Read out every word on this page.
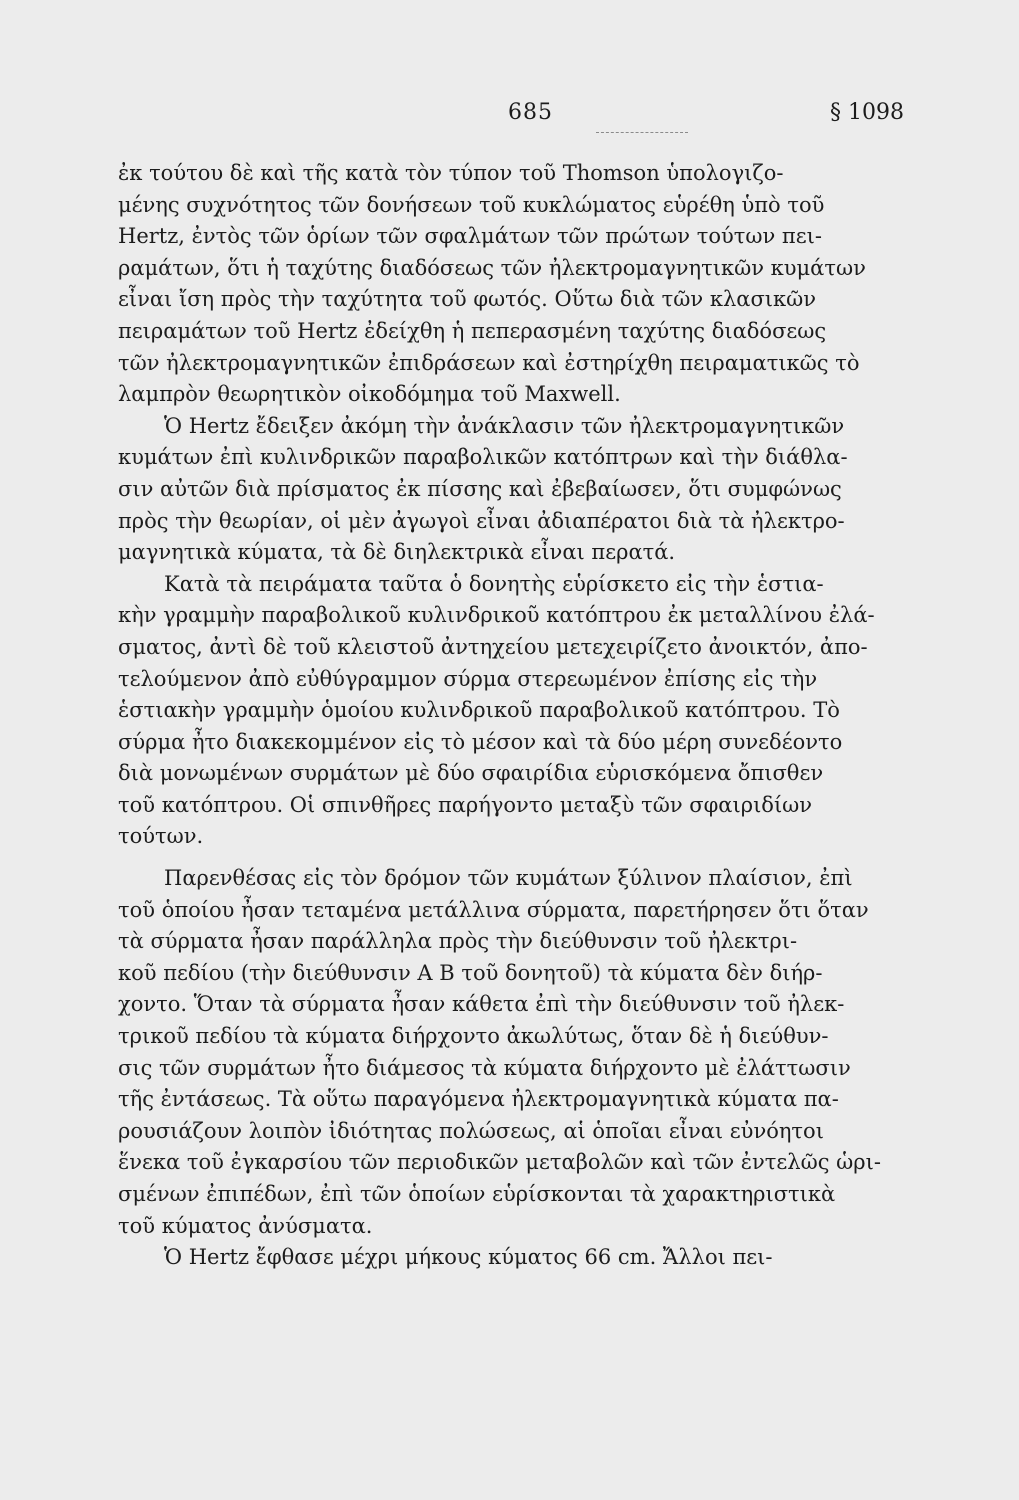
685	§ 1098

ἐκ τούτου δὲ καὶ τῆς κατὰ τὸν τύπον τοῦ Thomson ὑπολογιζο-
μένης συχνότητος τῶν δονήσεων τοῦ κυκλώματος εὑρέθη ὑπὸ τοῦ
Hertz, ἐντὸς τῶν ὁρίων τῶν σφαλμάτων τῶν πρώτων τούτων πει-
ραμάτων, ὅτι ἡ ταχύτης διαδόσεως τῶν ἠλεκτρομαγνητικῶν κυμάτων
εἶναι ἴση πρὸς τὴν ταχύτητα τοῦ φωτός. Οὕτω διὰ τῶν κλασικῶν
πειραμάτων τοῦ Hertz ἐδείχθη ἡ πεπερασμένη ταχύτης διαδόσεως
τῶν ἠλεκτρομαγνητικῶν ἐπιδράσεων καὶ ἐστηρίχθη πειραματικῶς τὸ
λαμπρὸν θεωρητικὸν οἰκοδόμημα τοῦ Maxwell.

Ὁ Hertz ἔδειξεν ἀκόμη τὴν ἀνάκλασιν τῶν ἠλεκτρομαγνητικῶν
κυμάτων ἐπὶ κυλινδρικῶν παραβολικῶν κατόπτρων καὶ τὴν διάθλα-
σιν αὐτῶν διὰ πρίσματος ἐκ πίσσης καὶ ἐβεβαίωσεν, ὅτι συμφώνως
πρὸς τὴν θεωρίαν, οἱ μὲν ἀγωγοὶ εἶναι ἀδιαπέρατοι διὰ τὰ ἠλεκτρο-
μαγνητικὰ κύματα, τὰ δὲ διηλεκτρικὰ εἶναι περατά.

Κατὰ τὰ πειράματα ταῦτα ὁ δονητὴς εὑρίσκετο εἰς τὴν ἑστια-
κὴν γραμμὴν παραβολικοῦ κυλινδρικοῦ κατόπτρου ἐκ μεταλλίνου ἐλά-
σματος, ἀντὶ δὲ τοῦ κλειστοῦ ἀντηχείου μετεχειρίζετο ἀνοικτόν, ἀπο-
τελούμενον ἀπὸ εὐθύγραμμον σύρμα στερεωμένον ἐπίσης εἰς τὴν
ἑστιακὴν γραμμὴν ὁμοίου κυλινδρικοῦ παραβολικοῦ κατόπτρου. Τὸ
σύρμα ἦτο διακεκομμένον εἰς τὸ μέσον καὶ τὰ δύο μέρη συνεδέοντο
διὰ μονωμένων συρμάτων μὲ δύο σφαιρίδια εὑρισκόμενα ὄπισθεν
τοῦ κατόπτρου. Οἱ σπινθῆρες παρήγοντο μεταξὺ τῶν σφαιριδίων
τούτων.

Παρενθέσας εἰς τὸν δρόμον τῶν κυμάτων ξύλινον πλαίσιον, ἐπὶ
τοῦ ὁποίου ἦσαν τεταμένα μετάλλινα σύρματα, παρετήρησεν ὅτι ὅταν
τὰ σύρματα ἦσαν παράλληλα πρὸς τὴν διεύθυνσιν τοῦ ἠλεκτρι-
κοῦ πεδίου (τὴν διεύθυνσιν A B τοῦ δονητοῦ) τὰ κύματα δὲν διήρ-
χοντο. Ὅταν τὰ σύρματα ἦσαν κάθετα ἐπὶ τὴν διεύθυνσιν τοῦ ἠλεκ-
τρικοῦ πεδίου τὰ κύματα διήρχοντο ἀκωλύτως, ὅταν δὲ ἡ διεύθυν-
σις τῶν συρμάτων ἦτο διάμεσος τὰ κύματα διήρχοντο μὲ ἐλάττωσιν
τῆς ἐντάσεως. Τὰ οὕτω παραγόμενα ἠλεκτρομαγνητικὰ κύματα πα-
ρουσιάζουν λοιπὸν ἰδιότητας πολώσεως, αἱ ὁποῖαι εἶναι εὐνόητοι
ἕνεκα τοῦ ἐγκαρσίου τῶν περιοδικῶν μεταβολῶν καὶ τῶν ἐντελῶς ὡρι-
σμένων ἐπιπέδων, ἐπὶ τῶν ὁποίων εὑρίσκονται τὰ χαρακτηριστικὰ
τοῦ κύματος ἀνύσματα.

Ὁ Hertz ἔφθασε μέχρι μήκους κύματος 66 cm. Ἄλλοι πει-
